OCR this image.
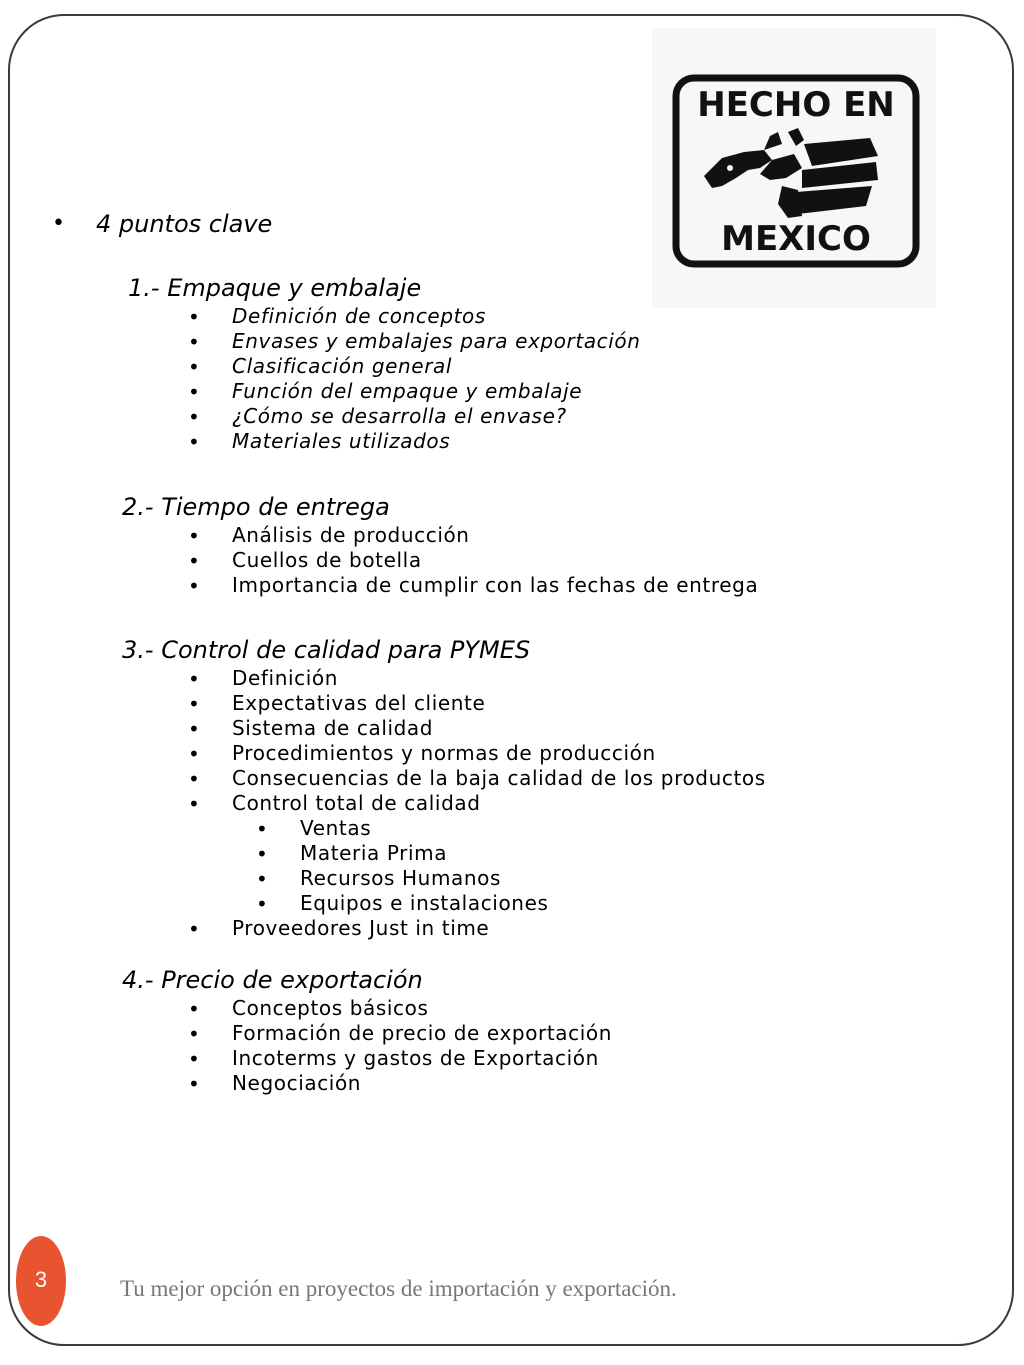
HECHO EN
MEXICO
• 4 puntos clave
1.- Empaque y embalaje
• Definición de conceptos
• Envases y embalajes para exportación
• Clasificación general
• Función del empaque y embalaje
• ¿Cómo se desarrolla el envase?
• Materiales utilizados
2.- Tiempo de entrega
• Análisis de producción
• Cuellos de botella
• Importancia de cumplir con las fechas de entrega
3.- Control de calidad para PYMES
• Definición
• Expectativas del cliente
• Sistema de calidad
• Procedimientos y normas de producción
• Consecuencias de la baja calidad de los productos
• Control total de calidad
• Ventas
• Materia Prima
• Recursos Humanos
• Equipos e instalaciones
• Proveedores Just in time
4.- Precio de exportación
• Conceptos básicos
• Formación de precio de exportación
• Incoterms y gastos de Exportación
• Negociación
3	Tu mejor opción en proyectos de importación y exportación.
